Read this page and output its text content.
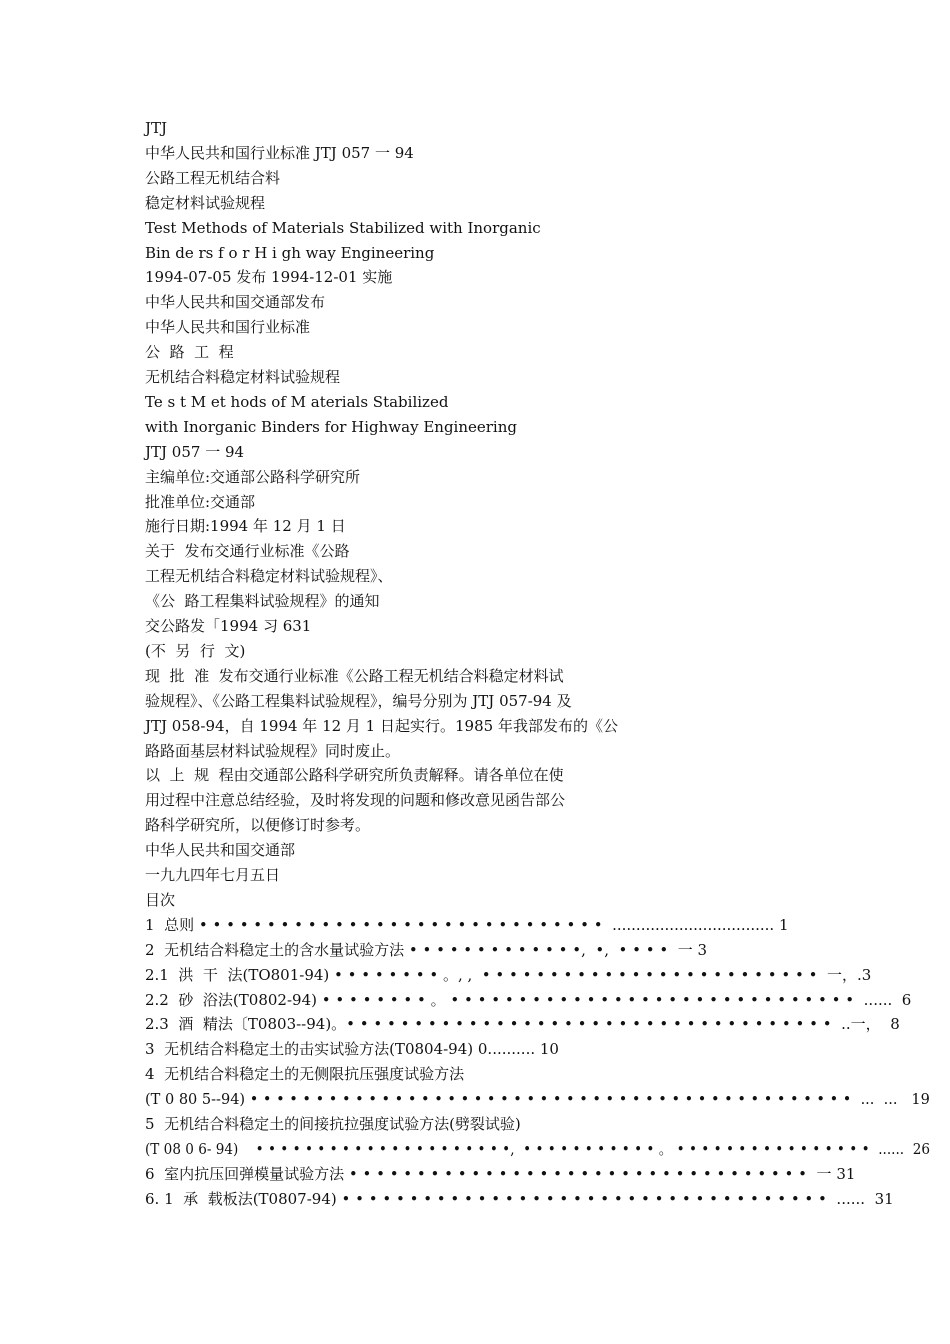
JTJ
中华人民共和国行业标准 JTJ 057 一 94
公路工程无机结合料
稳定材料试验规程
Test Methods of Materials Stabilized with Inorganic
Bin de rs f o r H i gh way Engineering
1994-07-05 发布 1994-12-01 实施
中华人民共和国交通部发布
中华人民共和国行业标准
公  路  工  程
无机结合料稳定材料试验规程
Te s t M et hods of M aterials Stabilized
with Inorganic Binders for Highway Engineering
JTJ 057 一 94
主编单位:交通部公路科学研究所
批准单位:交通部
施行日期:1994 年 12 月 1 日
关于  发布交通行业标准《公路
工程无机结合料稳定材料试验规程》、
《公  路工程集料试验规程》的通知
交公路发「1994 习 631
(不  另  行  文)
现  批  准  发布交通行业标准《公路工程无机结合料稳定材料试
验规程》、《公路工程集料试验规程》，编号分别为 JTJ 057-94 及
JTJ 058-94，自 1994 年 12 月 1 日起实行。1985 年我部发布的《公
路路面基层材料试验规程》同时废止。
以  上  规  程由交通部公路科学研究所负责解释。请各单位在使
用过程中注意总结经验，及时将发现的问题和修改意见函告部公
路科学研究所，以便修订时参考。
中华人民共和国交通部
一九九四年七月五日
目次
1  总则 • • • • • • • • • • • • • • • • • • • • • • • • • • • • • •  .................................. 1
2  无机结合料稳定土的含水量试验方法 • • • • • • • • • • • • •,  •,  • • • •  一 3
2.1  洪  干  法(TO801-94) • • • • • • • • 。, ,  • • • • • • • • • • • • • • • • • • • • • • • • •  一，.3
2.2  砂  浴法(T0802-94) • • • • • • • • 。 • • • • • • • • • • • • • • • • • • • • • • • • • • • • • •  ......  6
2.3  酒  精法〔T0803--94)。• • • • • • • • • • • • • • • • • • • • • • • • • • • • • • • • • • • •  ..一，  8
3  无机结合料稳定土的击实试验方法(T0804-94) 0.......... 10
4  无机结合料稳定土的无侧限抗压强度试验方法
(T 0 80 5--94) • • • • • • • • • • • • • • • • • • • • • • • • • • • • • • • • • • • • • • • • • • • • • •  ...  ...   19
5  无机结合料稳定土的间接抗拉强度试验方法(劈裂试验)
(T 08 0 6- 94)    • • • • • • • • • • • • • • • • • • • • •,  • • • • • • • • • • • 。 • • • • • • • • • • • • • • • •  ......  26
6  室内抗压回弹模量试验方法 • • • • • • • • • • • • • • • • • • • • • • • • • • • • • • • • • •  一 31
6. 1  承  载板法(T0807-94) • • • • • • • • • • • • • • • • • • • • • • • • • • • • • • • • • • • •  ......  31
